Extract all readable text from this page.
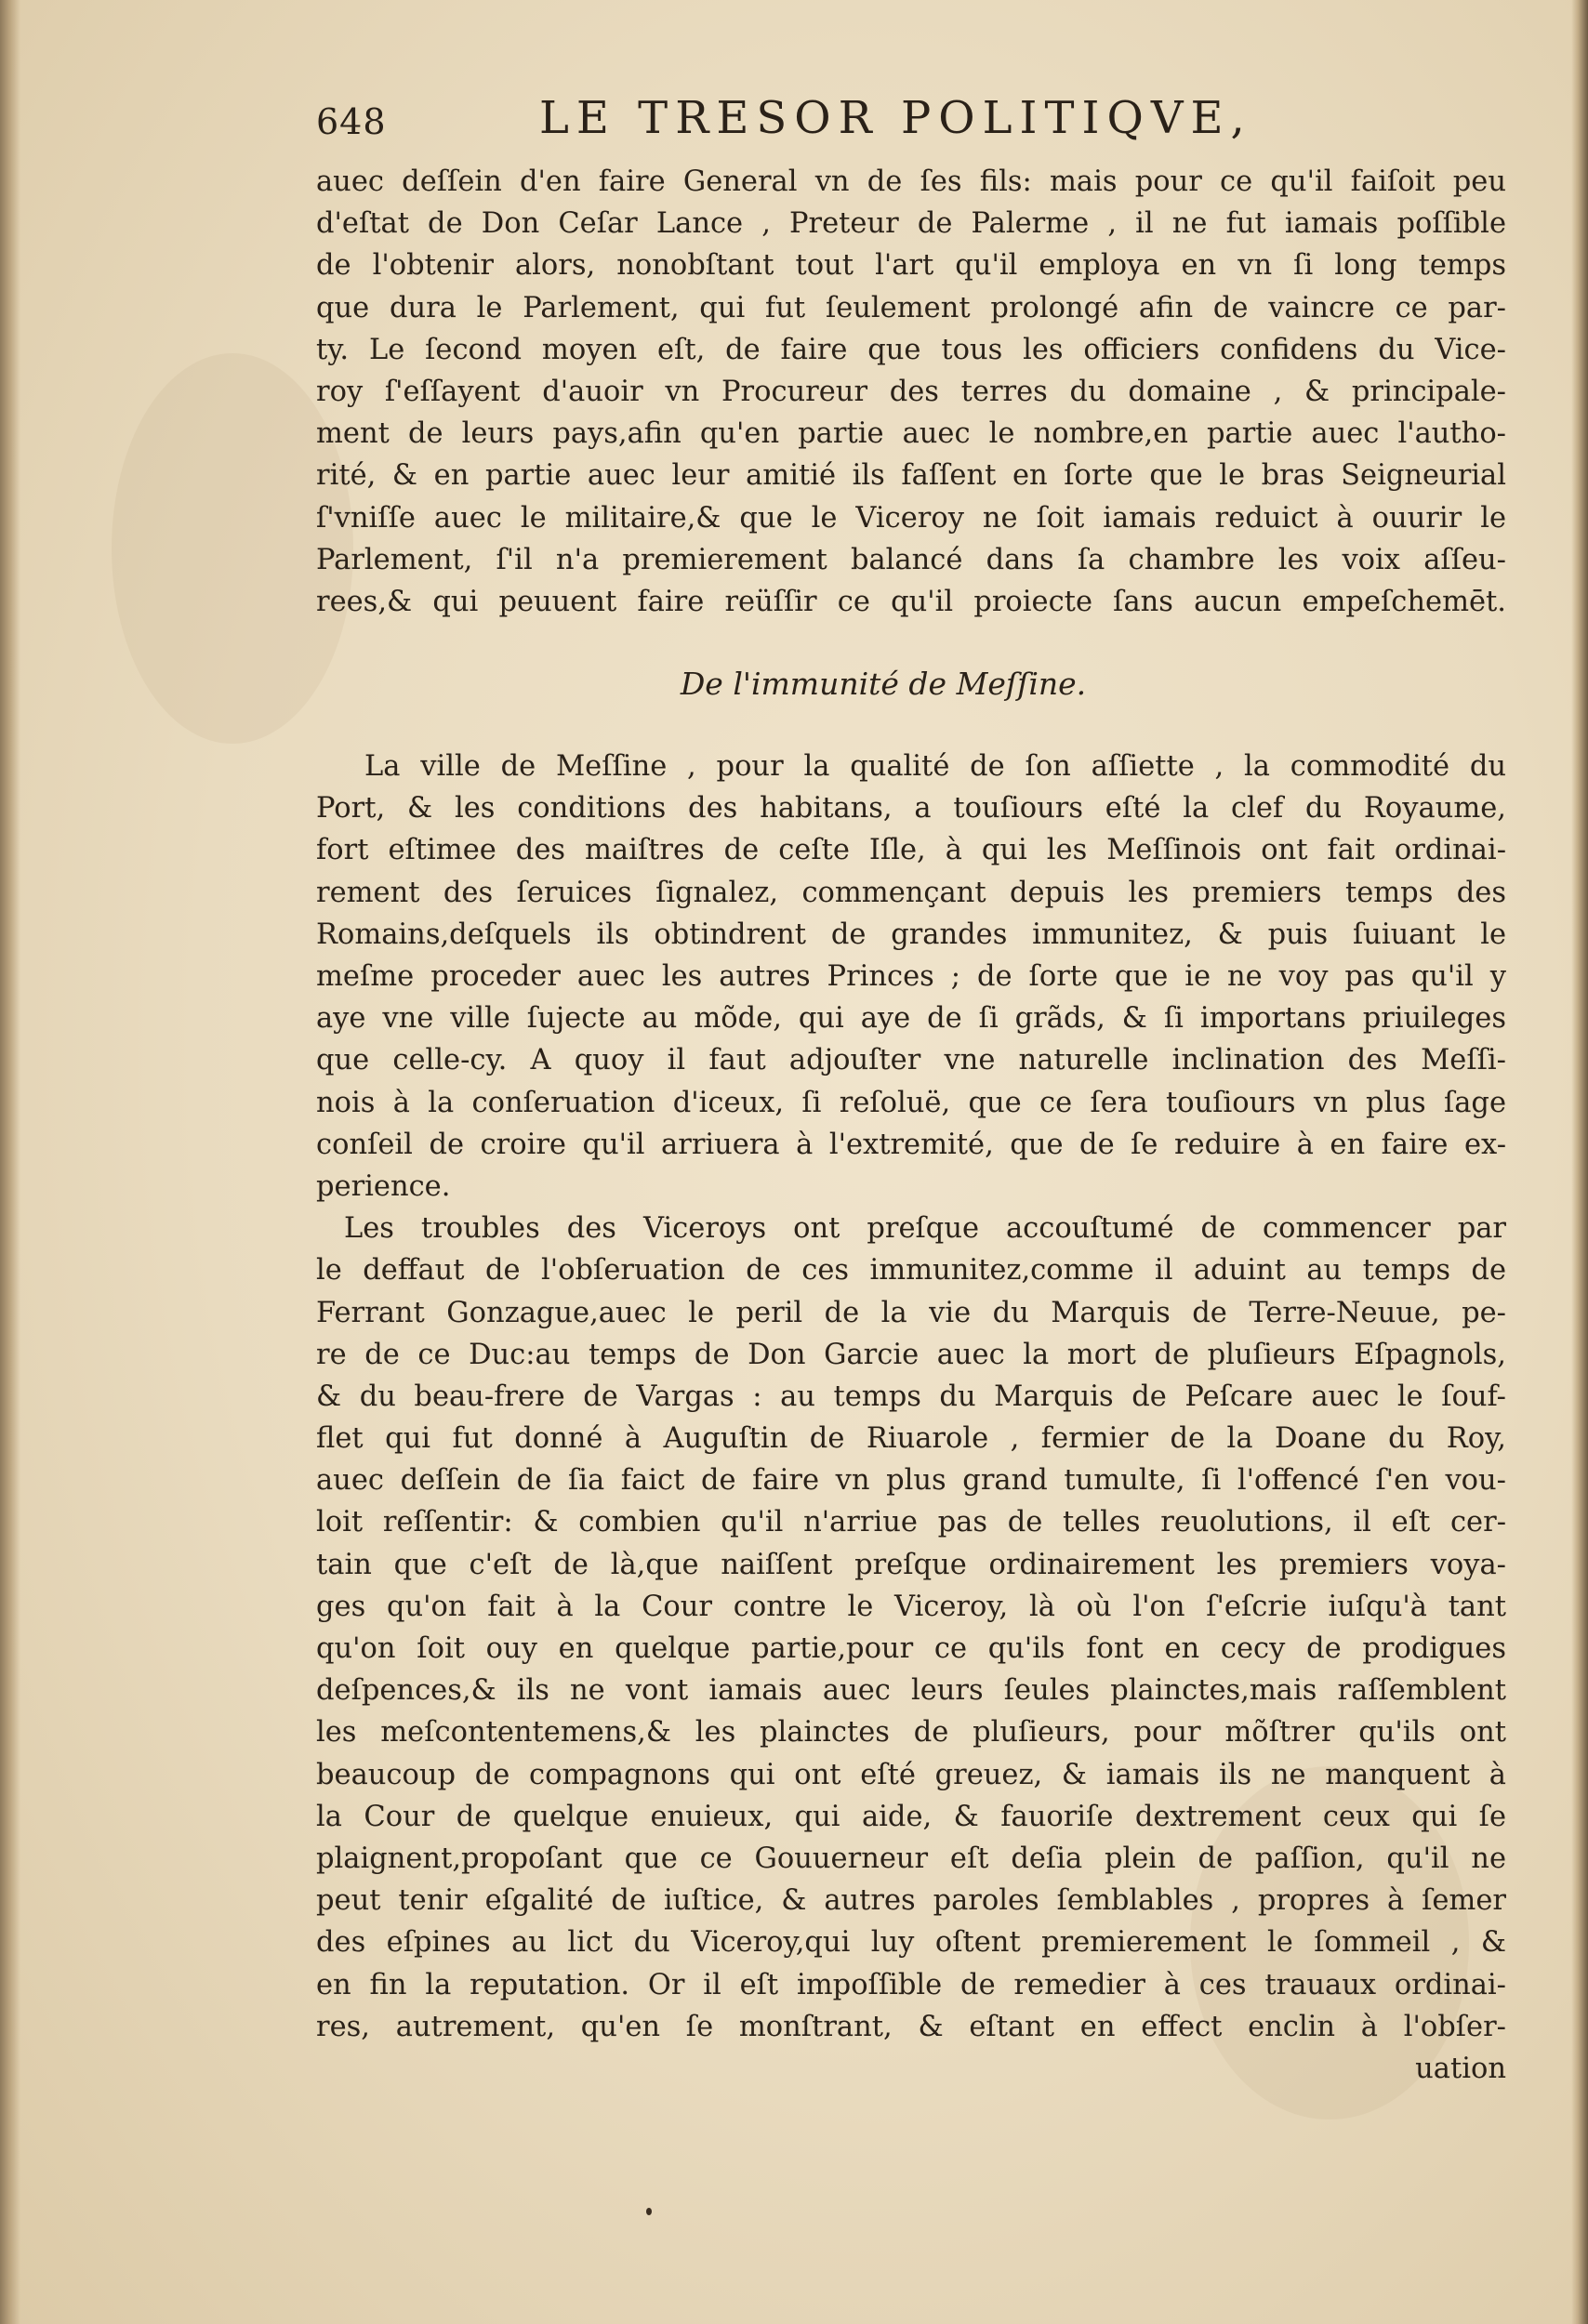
648	LE TRESOR POLITIQVE,
auec deſſein d'en faire General vn de ſes fils: mais pour ce qu'il faiſoit peu
d'eſtat de Don Ceſar Lance , Preteur de Palerme , il ne fut iamais poſſible
de l'obtenir alors, nonobſtant tout l'art qu'il employa en vn ſi long temps
que dura le Parlement, qui fut ſeulement prolongé afin de vaincre ce par-
ty. Le ſecond moyen eſt, de faire que tous les officiers confidens du Vice-
roy ſ'eſſayent d'auoir vn Procureur des terres du domaine , & principale-
ment de leurs pays,afin qu'en partie auec le nombre,en partie auec l'autho-
rité, & en partie auec leur amitié ils faſſent en ſorte que le bras Seigneurial
ſ'vniſſe auec le militaire,& que le Viceroy ne ſoit iamais reduict à ouurir le
Parlement, ſ'il n'a premierement balancé dans ſa chambre les voix aſſeu-
rees,& qui peuuent faire reüſſir ce qu'il proiecte ſans aucun empeſchemēt.
De l'immunité de Meſſine.
La ville de Meſſine , pour la qualité de ſon aſſiette , la commodité du
Port, & les conditions des habitans, a touſiours eſté la clef du Royaume,
fort eſtimee des maiſtres de ceſte Iſle, à qui les Meſſinois ont fait ordinai-
rement des ſeruices ſignalez, commençant depuis les premiers temps des
Romains,deſquels ils obtindrent de grandes immunitez, & puis ſuiuant le
meſme proceder auec les autres Princes ; de ſorte que ie ne voy pas qu'il y
aye vne ville ſujecte au mõde, qui aye de ſi grãds, & ſi importans priuileges
que celle-cy. A quoy il faut adjouſter vne naturelle inclination des Meſſi-
nois à la conſeruation d'iceux, ſi reſoluë, que ce ſera touſiours vn plus ſage
conſeil de croire qu'il arriuera à l'extremité, que de ſe reduire à en faire ex-
perience.
Les troubles des Viceroys ont preſque accouſtumé de commencer par
le deffaut de l'obſeruation de ces immunitez,comme il aduint au temps de
Ferrant Gonzague,auec le peril de la vie du Marquis de Terre-Neuue, pe-
re de ce Duc:au temps de Don Garcie auec la mort de pluſieurs Eſpagnols,
& du beau-frere de Vargas : au temps du Marquis de Peſcare auec le ſouf-
flet qui fut donné à Auguſtin de Riuarole , fermier de la Doane du Roy,
auec deſſein de ſia faict de faire vn plus grand tumulte, ſi l'offencé ſ'en vou-
loit reſſentir: & combien qu'il n'arriue pas de telles reuolutions, il eſt cer-
tain que c'eſt de là,que naiſſent preſque ordinairement les premiers voya-
ges qu'on fait à la Cour contre le Viceroy, là où l'on ſ'eſcrie iuſqu'à tant
qu'on ſoit ouy en quelque partie,pour ce qu'ils font en cecy de prodigues
deſpences,& ils ne vont iamais auec leurs ſeules plainctes,mais raſſemblent
les meſcontentemens,& les plainctes de pluſieurs, pour mõſtrer qu'ils ont
beaucoup de compagnons qui ont eſté greuez, & iamais ils ne manquent à
la Cour de quelque enuieux, qui aide, & fauoriſe dextrement ceux qui ſe
plaignent,propoſant que ce Gouuerneur eſt deſia plein de paſſion, qu'il ne
peut tenir eſgalité de iuſtice, & autres paroles ſemblables , propres à ſemer
des eſpines au lict du Viceroy,qui luy oſtent premierement le ſommeil , &
en fin la reputation. Or il eſt impoſſible de remedier à ces trauaux ordinai-
res, autrement, qu'en ſe monſtrant, & eſtant en effect enclin à l'obſer-
uation
